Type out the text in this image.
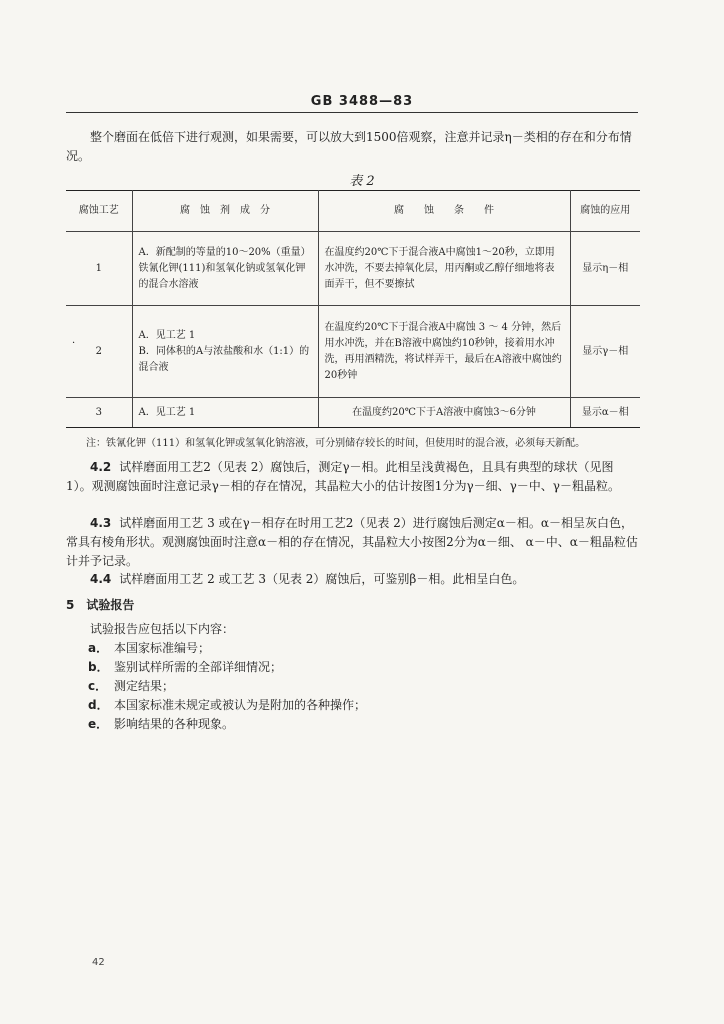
GB 3488—83
整个磨面在低倍下进行观测，如果需要，可以放大到1500倍观察，注意并记录η－类相的存在和分布情况。
表 2
腐蚀工艺	腐　蚀　剂　成　分	腐　　蚀　　条　　件	腐蚀的应用
1	A．新配制的等量的10～20%（重量）铁氰化钾(111)和氢氧化钠或氢氧化钾的混合水溶液	在温度约20℃下于混合液A中腐蚀1～20秒，立即用水冲洗，不要去掉氧化层，用丙酮或乙醇仔细地将表面弄干，但不要擦拭	显示η－相
2	A．见工艺 1
B．同体积的A与浓盐酸和水（1:1）的混合液	在温度约20℃下于混合液A中腐蚀 3 ～ 4 分钟，然后用水冲洗，并在B溶液中腐蚀约10秒钟，接着用水冲洗，再用酒精洗，将试样弄干，最后在A溶液中腐蚀约20秒钟	显示γ－相
3	A．见工艺 1	在温度约20℃下于A溶液中腐蚀3～6分钟	显示α－相
·
注：铁氰化钾（111）和氢氧化钾或氢氧化钠溶液，可分别储存较长的时间，但使用时的混合液，必须每天新配。
4.2 试样磨面用工艺2（见表 2）腐蚀后，测定γ－相。此相呈浅黄褐色，且具有典型的球状（见图 1）。观测腐蚀面时注意记录γ－相的存在情况，其晶粒大小的估计按图1分为γ－细、γ－中、γ－粗晶粒。
4.3 试样磨面用工艺 3 或在γ－相存在时用工艺2（见表 2）进行腐蚀后测定α－相。α－相呈灰白色，常具有棱角形状。观测腐蚀面时注意α－相的存在情况，其晶粒大小按图2分为α－细、 α－中、α－粗晶粒估计并予记录。
4.4 试样磨面用工艺 2 或工艺 3（见表 2）腐蚀后，可鉴别β－相。此相呈白色。
5　试验报告
试验报告应包括以下内容：
a． 本国家标准编号；
b． 鉴别试样所需的全部详细情况；
c． 测定结果；
d． 本国家标准未规定或被认为是附加的各种操作；
e． 影响结果的各种现象。
42
